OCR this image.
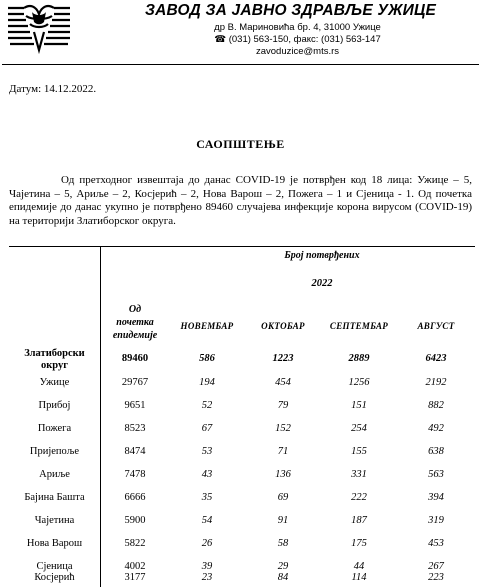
ЗАВОД ЗА ЈАВНО ЗДРАВЉЕ УЖИЦЕ
др В. Мариновића бр. 4, 31000 Ужице
☎ (031) 563-150, факс: (031) 563-147
zavoduzice@mts.rs
Датум: 14.12.2022.
САОПШТЕЊЕ
Од претходног извештаја до данас COVID-19 је потврђен код 18 лица: Ужице – 5, Чајетина – 5, Ариље – 2, Косјерић – 2, Нова Варош – 2, Пожега – 1 и Сјеница - 1. Од почетка епидемије до данас укупно је потврђено 89460 случајева инфекције корона вирусом (COVID-19) на територији Златиборског округа.
Број потврђених
2022
Од
почетка
епидемије
НОВЕМБАР	ОКТОБАР	СЕПТЕМБАР	АВГУСТ
Златиборски
округ
89460	586	1223	2889	6423
Ужице	29767	194	454	1256	2192
Прибој	9651	52	79	151	882
Пожега	8523	67	152	254	492
Пријепоље	8474	53	71	155	638
Ариље	7478	43	136	331	563
Бајина Башта	6666	35	69	222	394
Чајетина	5900	54	91	187	319
Нова Варош	5822	26	58	175	453
Сјеница	4002	39	29	44	267
Косјерић	3177	23	84	114	223
